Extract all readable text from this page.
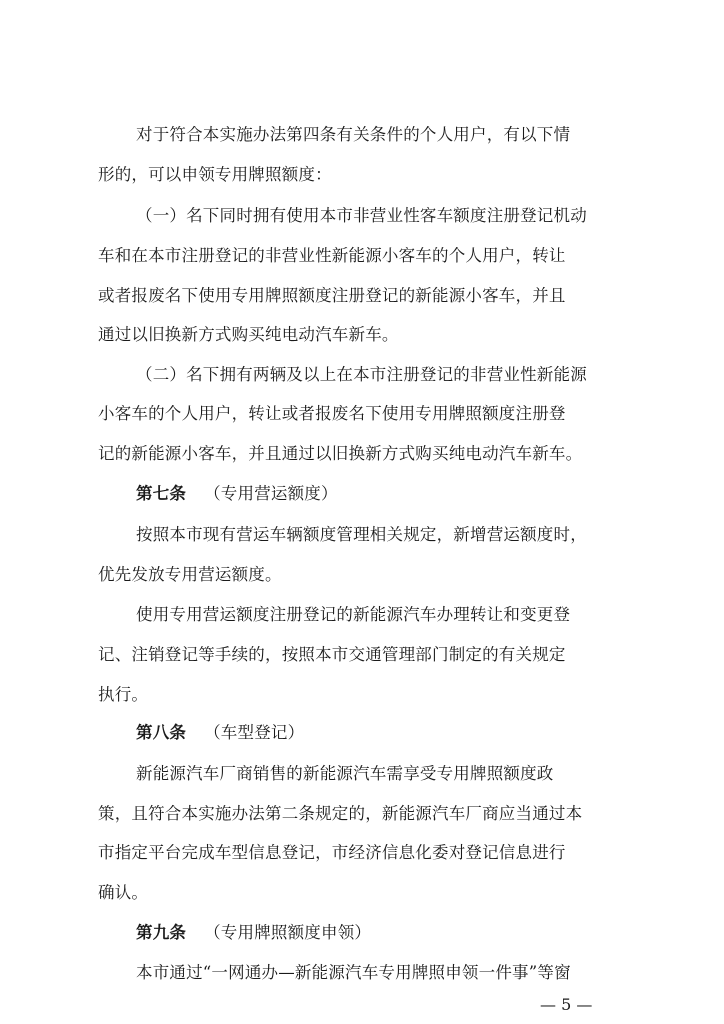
对于符合本实施办法第四条有关条件的个人用户，有以下情
形的，可以申领专用牌照额度：
（一）名下同时拥有使用本市非营业性客车额度注册登记机动
车和在本市注册登记的非营业性新能源小客车的个人用户，转让
或者报废名下使用专用牌照额度注册登记的新能源小客车，并且
通过以旧换新方式购买纯电动汽车新车。
（二）名下拥有两辆及以上在本市注册登记的非营业性新能源
小客车的个人用户，转让或者报废名下使用专用牌照额度注册登
记的新能源小客车，并且通过以旧换新方式购买纯电动汽车新车。
第七条 （专用营运额度）
按照本市现有营运车辆额度管理相关规定，新增营运额度时，
优先发放专用营运额度。
使用专用营运额度注册登记的新能源汽车办理转让和变更登
记、注销登记等手续的，按照本市交通管理部门制定的有关规定
执行。
第八条 （车型登记）
新能源汽车厂商销售的新能源汽车需享受专用牌照额度政
策，且符合本实施办法第二条规定的，新能源汽车厂商应当通过本
市指定平台完成车型信息登记，市经济信息化委对登记信息进行
确认。
第九条 （专用牌照额度申领）
本市通过“一网通办—新能源汽车专用牌照申领一件事”等窗
— 5 —
